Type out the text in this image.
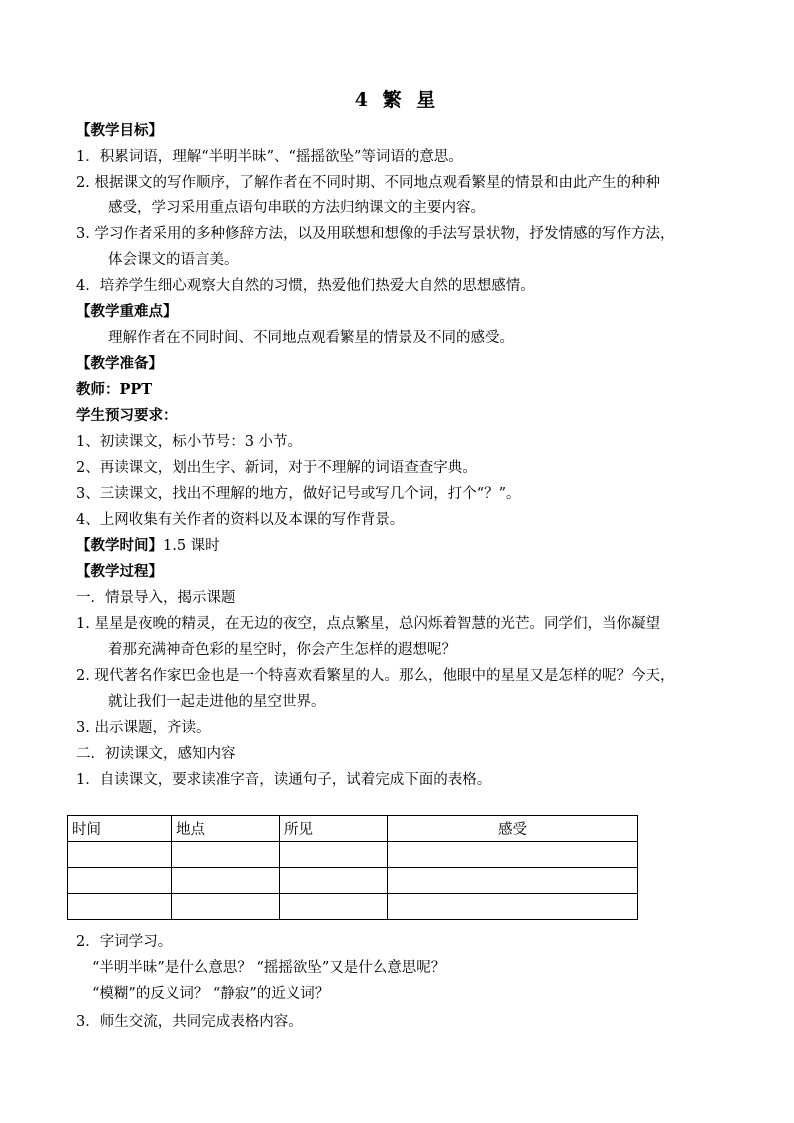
4 繁 星
【教学目标】
1．积累词语，理解“半明半昧”、“摇摇欲坠”等词语的意思。
2. 根据课文的写作顺序，了解作者在不同时期、不同地点观看繁星的情景和由此产生的种种
感受，学习采用重点语句串联的方法归纳课文的主要内容。
3. 学习作者采用的多种修辞方法，以及用联想和想像的手法写景状物，抒发情感的写作方法，
体会课文的语言美。
4．培养学生细心观察大自然的习惯，热爱他们热爱大自然的思想感情。
【教学重难点】
理解作者在不同时间、不同地点观看繁星的情景及不同的感受。
【教学准备】
教师：PPT
学生预习要求：
1、初读课文，标小节号：3 小节。
2、再读课文，划出生字、新词，对于不理解的词语查查字典。
3、三读课文，找出不理解的地方，做好记号或写几个词，打个“？”。
4、上网收集有关作者的资料以及本课的写作背景。
【教学时间】1.5 课时
【教学过程】
一．情景导入，揭示课题
1. 星星是夜晚的精灵，在无边的夜空，点点繁星，总闪烁着智慧的光芒。同学们，当你凝望
着那充满神奇色彩的星空时，你会产生怎样的遐想呢？
2. 现代著名作家巴金也是一个特喜欢看繁星的人。那么，他眼中的星星又是怎样的呢？今天，
就让我们一起走进他的星空世界。
3. 出示课题，齐读。
二．初读课文，感知内容
1．自读课文，要求读准字音，读通句子，试着完成下面的表格。
时间	地点	所见	感受

2．字词学习。
“半明半昧”是什么意思？ “摇摇欲坠”又是什么意思呢？
“模糊”的反义词？ “静寂”的近义词？
3．师生交流，共同完成表格内容。
